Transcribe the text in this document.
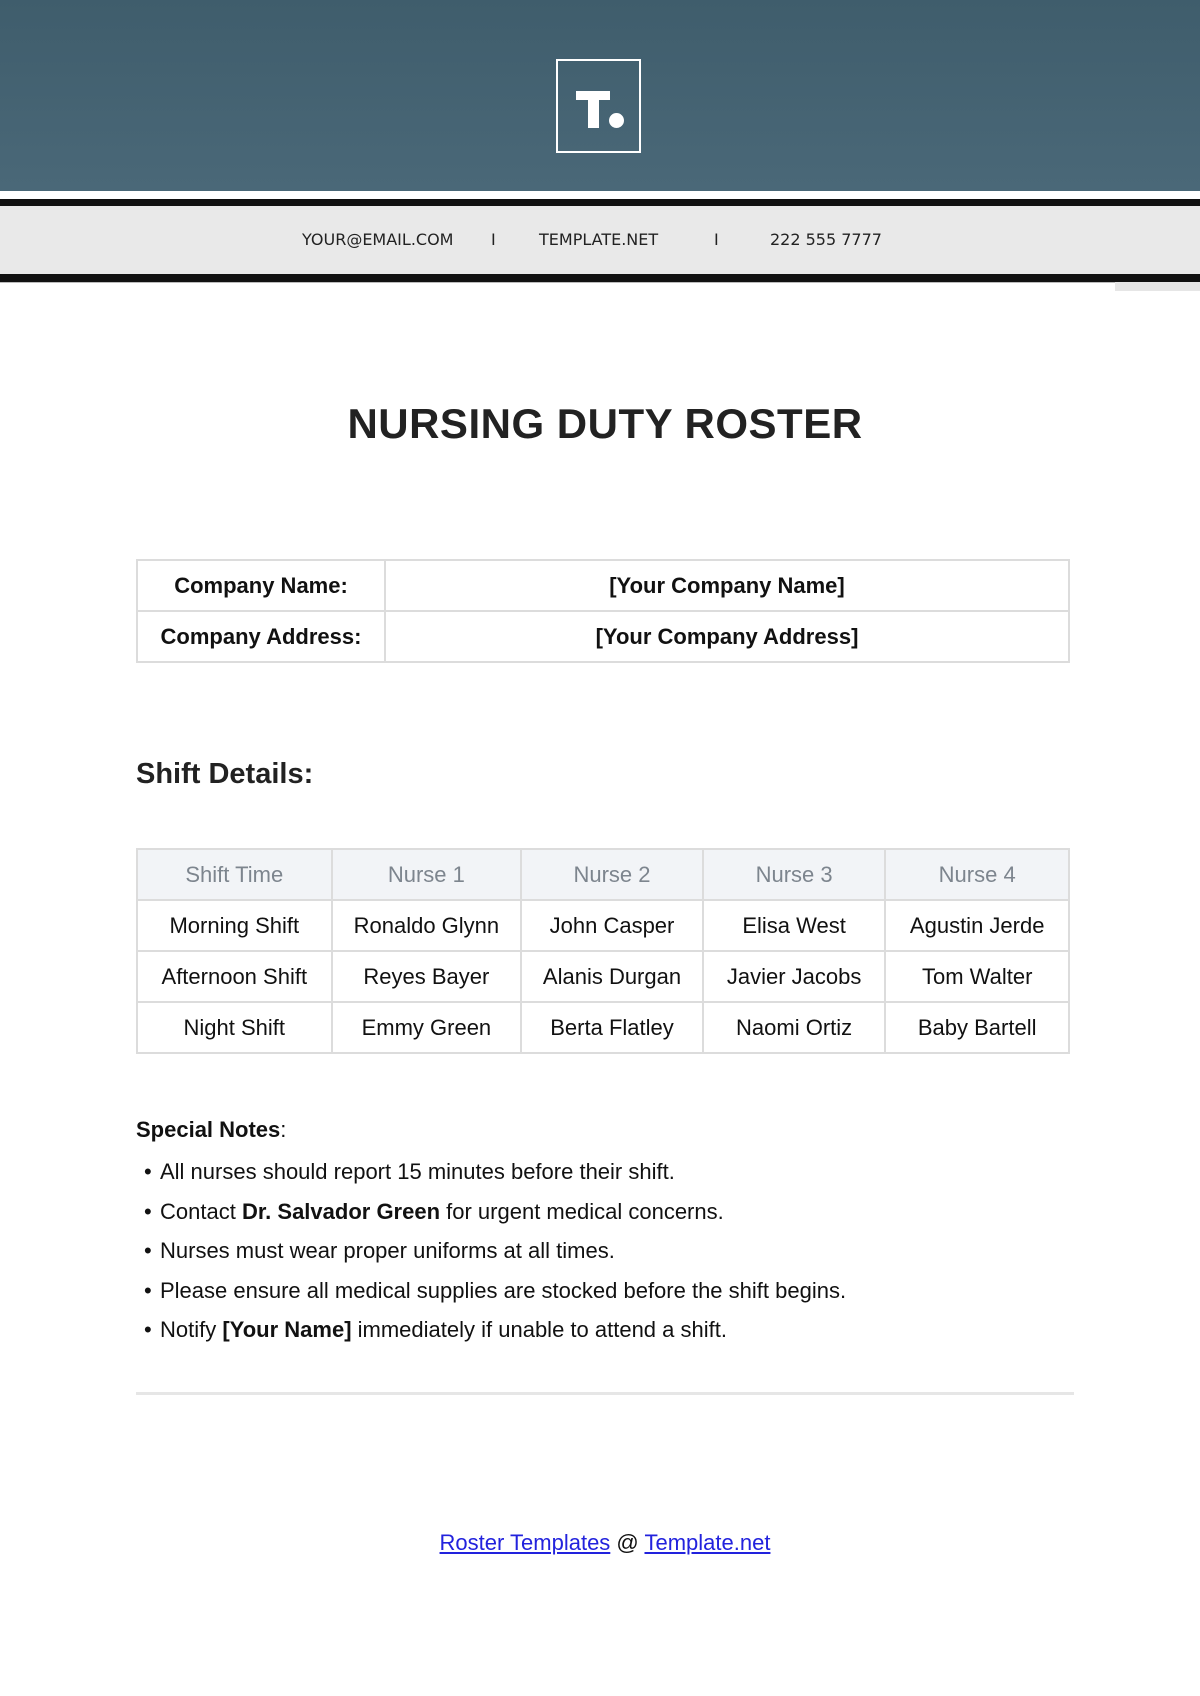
YOUR@EMAIL.COM I	TEMPLATE.NET	I	222 555 7777
NURSING DUTY ROSTER
Company Name:	[Your Company Name]
Company Address:	[Your Company Address]
Shift Details:
Shift Time	Nurse 1	Nurse 2	Nurse 3	Nurse 4
Morning Shift	Ronaldo Glynn	John Casper	Elisa West	Agustin Jerde
Afternoon Shift	Reyes Bayer	Alanis Durgan	Javier Jacobs	Tom Walter
Night Shift	Emmy Green	Berta Flatley	Naomi Ortiz	Baby Bartell
Special Notes:
• All nurses should report 15 minutes before their shift.
• Contact Dr. Salvador Green for urgent medical concerns.
• Nurses must wear proper uniforms at all times.
• Please ensure all medical supplies are stocked before the shift begins.
• Notify [Your Name] immediately if unable to attend a shift.
Roster Templates @ Template.net
